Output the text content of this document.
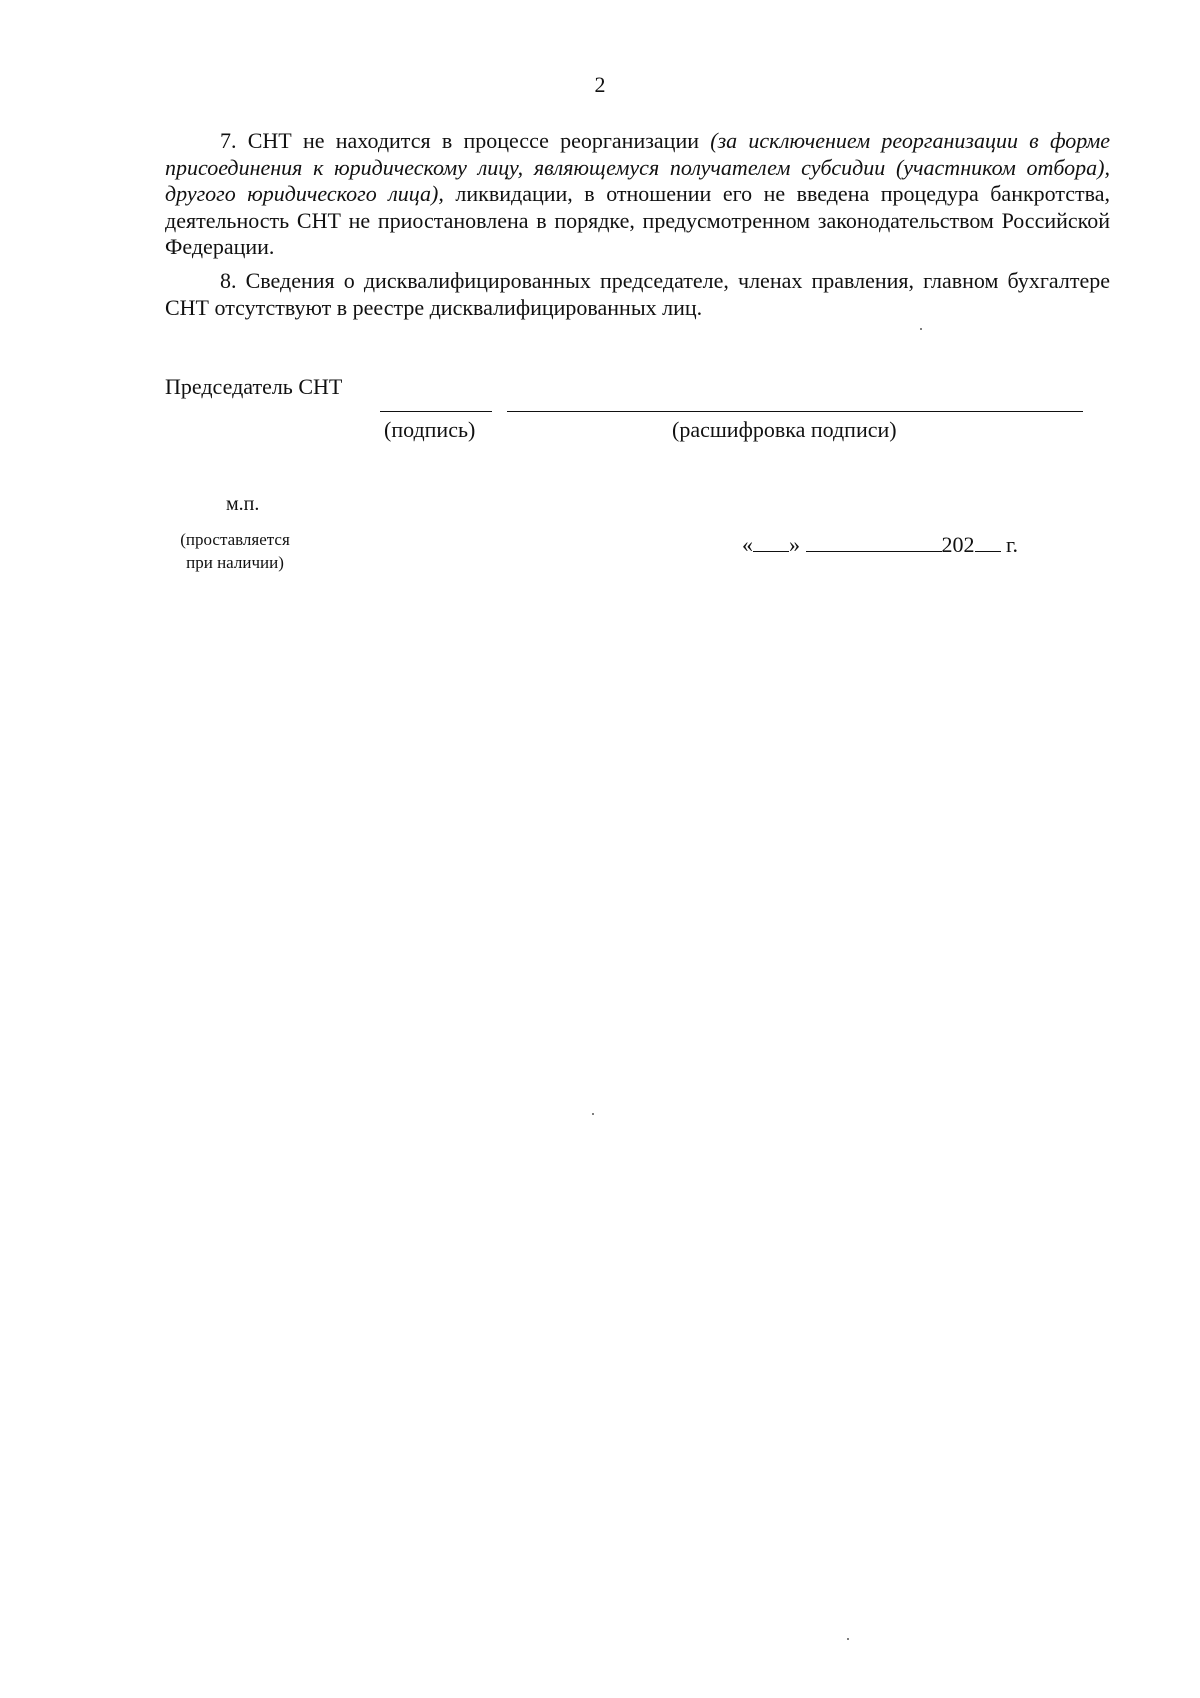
2

7. СНТ не находится в процессе реорганизации (за исключением реорганизации в форме присоединения к юридическому лицу, являющемуся получателем субсидии (участником отбора), другого юридического лица), ликвидации, в отношении его не введена процедура банкротства, деятельность СНТ не приостановлена в порядке, предусмотренном законодательством Российской Федерации.

8. Сведения о дисквалифицированных председателе, членах правления, главном бухгалтере СНТ отсутствуют в реестре дисквалифицированных лиц.

Председатель СНТ
(подпись)	(расшифровка подписи)
м.п.
(проставляется
при наличии)
« »	202 г.
